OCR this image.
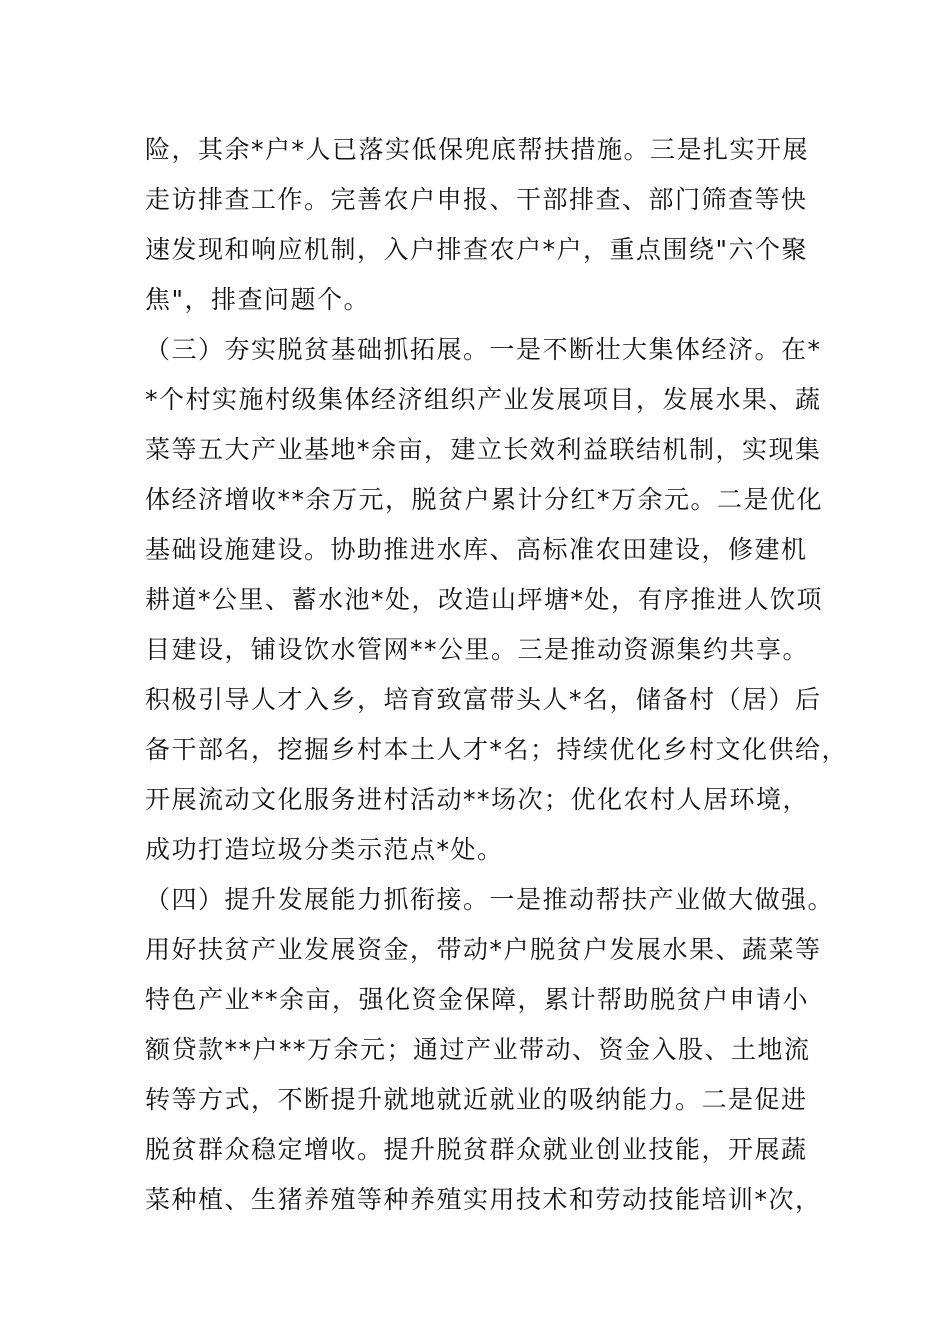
险，其余*户*人已落实低保兜底帮扶措施。三是扎实开展
走访排查工作。完善农户申报、干部排查、部门筛查等快
速发现和响应机制，入户排查农户*户，重点围绕"六个聚
焦"，排查问题个。
（三）夯实脱贫基础抓拓展。一是不断壮大集体经济。在*
*个村实施村级集体经济组织产业发展项目，发展水果、蔬
菜等五大产业基地*余亩，建立长效利益联结机制，实现集
体经济增收**余万元，脱贫户累计分红*万余元。二是优化
基础设施建设。协助推进水库、高标准农田建设，修建机
耕道*公里、蓄水池*处，改造山坪塘*处，有序推进人饮项
目建设，铺设饮水管网**公里。三是推动资源集约共享。
积极引导人才入乡，培育致富带头人*名，储备村（居）后
备干部名，挖掘乡村本土人才*名；持续优化乡村文化供给，
开展流动文化服务进村活动**场次；优化农村人居环境，
成功打造垃圾分类示范点*处。
（四）提升发展能力抓衔接。一是推动帮扶产业做大做强。
用好扶贫产业发展资金，带动*户脱贫户发展水果、蔬菜等
特色产业**余亩，强化资金保障，累计帮助脱贫户申请小
额贷款**户**万余元；通过产业带动、资金入股、土地流
转等方式，不断提升就地就近就业的吸纳能力。二是促进
脱贫群众稳定增收。提升脱贫群众就业创业技能，开展蔬
菜种植、生猪养殖等种养殖实用技术和劳动技能培训*次，
